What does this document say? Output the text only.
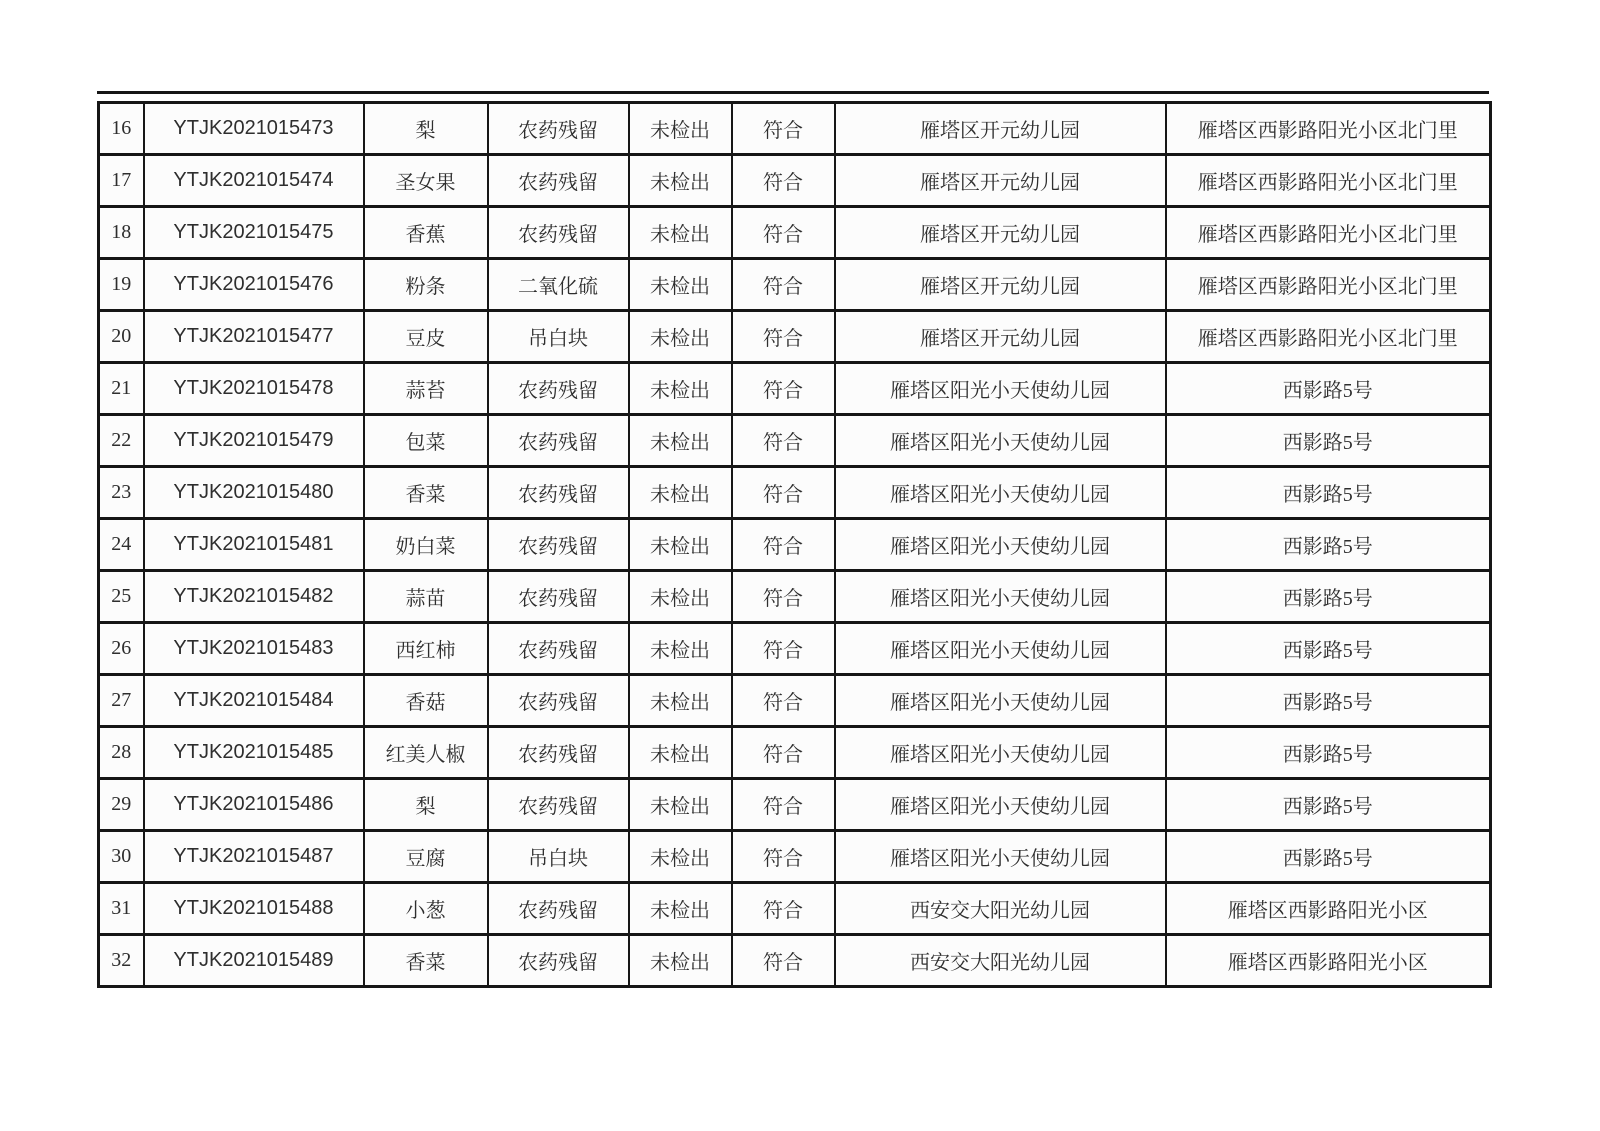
16	YTJK2021015473	梨	农药残留	未检出	符合	雁塔区开元幼儿园	雁塔区西影路阳光小区北门里
17	YTJK2021015474	圣女果	农药残留	未检出	符合	雁塔区开元幼儿园	雁塔区西影路阳光小区北门里
18	YTJK2021015475	香蕉	农药残留	未检出	符合	雁塔区开元幼儿园	雁塔区西影路阳光小区北门里
19	YTJK2021015476	粉条	二氧化硫	未检出	符合	雁塔区开元幼儿园	雁塔区西影路阳光小区北门里
20	YTJK2021015477	豆皮	吊白块	未检出	符合	雁塔区开元幼儿园	雁塔区西影路阳光小区北门里
21	YTJK2021015478	蒜苔	农药残留	未检出	符合	雁塔区阳光小天使幼儿园	西影路5号
22	YTJK2021015479	包菜	农药残留	未检出	符合	雁塔区阳光小天使幼儿园	西影路5号
23	YTJK2021015480	香菜	农药残留	未检出	符合	雁塔区阳光小天使幼儿园	西影路5号
24	YTJK2021015481	奶白菜	农药残留	未检出	符合	雁塔区阳光小天使幼儿园	西影路5号
25	YTJK2021015482	蒜苗	农药残留	未检出	符合	雁塔区阳光小天使幼儿园	西影路5号
26	YTJK2021015483	西红柿	农药残留	未检出	符合	雁塔区阳光小天使幼儿园	西影路5号
27	YTJK2021015484	香菇	农药残留	未检出	符合	雁塔区阳光小天使幼儿园	西影路5号
28	YTJK2021015485	红美人椒	农药残留	未检出	符合	雁塔区阳光小天使幼儿园	西影路5号
29	YTJK2021015486	梨	农药残留	未检出	符合	雁塔区阳光小天使幼儿园	西影路5号
30	YTJK2021015487	豆腐	吊白块	未检出	符合	雁塔区阳光小天使幼儿园	西影路5号
31	YTJK2021015488	小葱	农药残留	未检出	符合	西安交大阳光幼儿园	雁塔区西影路阳光小区
32	YTJK2021015489	香菜	农药残留	未检出	符合	西安交大阳光幼儿园	雁塔区西影路阳光小区
